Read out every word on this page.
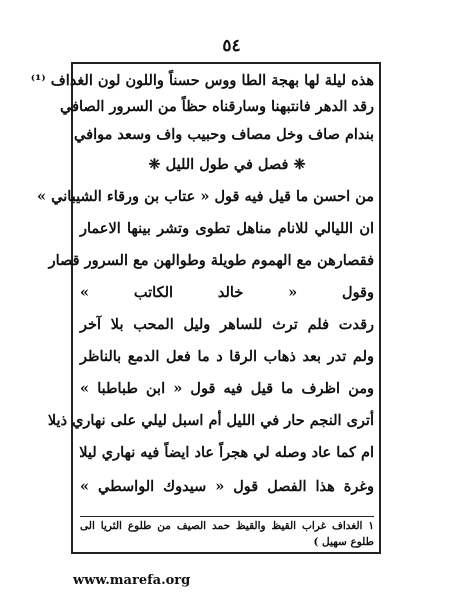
٥٤
هذه ليلة لها بهجة الطا ووس حسناً واللون لون الغداف ⁽¹⁾
رقد الدهر فانتبهنا وسارقناه حظاً من السرور الصافي
بندام صاف وخل مصاف وحبيب واف وسعد موافي
❈ فصل في طول الليل ❈
من احسن ما قيل فيه قول « عتاب بن ورقاء الشيباني »
ان الليالي للانام مناهل تطوى وتشر بينها الاعمار
فقصارهن مع الهموم طويلة وطوالهن مع السرور قصار
وقول « خالد الكاتب »
رقدت فلم ترث للساهر وليل المحب بلا آخر
ولم تدر بعد ذهاب الرقا د ما فعل الدمع بالناظر
ومن اظرف ما قيل فيه قول « ابن طباطبا »
أترى النجم حار في الليل أم اسبل ليلي على نهاري ذيلا
ام كما عاد وصله لي هجراً عاد ايضاً فيه نهاري ليلا
وغرة هذا الفصل قول « سيدوك الواسطي »
١ الغداف غراب القيظ والقيظ حمد الصيف من طلوع الثريا الى
طلوع سهيل )
www.marefa.org
